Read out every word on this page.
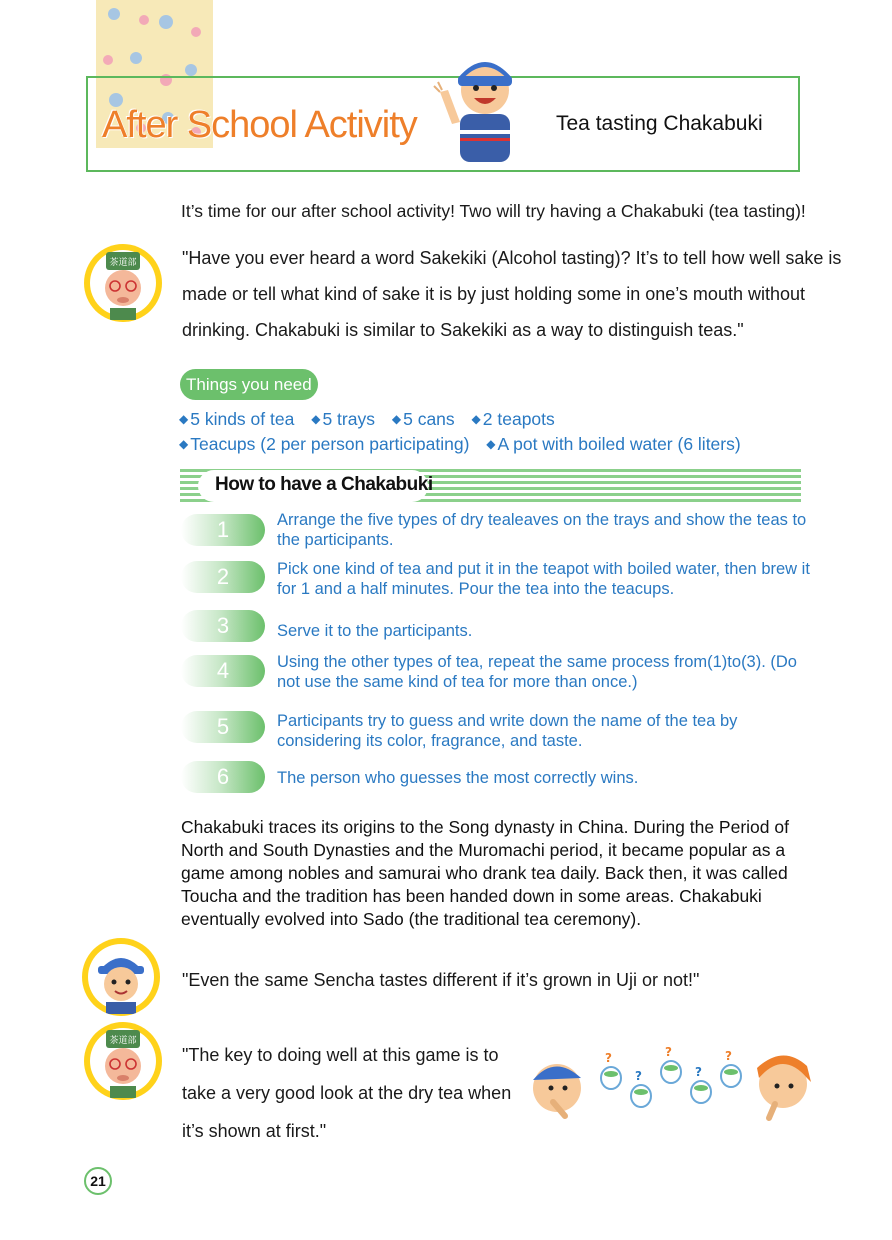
After School Activity	Tea tasting Chakabuki
It’s time for our after school activity! Two will try having a Chakabuki (tea tasting)!
茶道部	"Have you ever heard a word Sakekiki (Alcohol tasting)? It’s to tell how well sake is made or tell what kind of sake it is by just holding some in one’s mouth without drinking. Chakabuki is similar to Sakekiki as a way to distinguish teas."
Things you need
◆ 5 kinds of tea ◆ 5 trays ◆ 5 cans ◆ 2 teapots
◆ Teacups (2 per person participating) ◆ A pot with boiled water (6 liters)
How to have a Chakabuki
1	Arrange the five types of dry tealeaves on the trays and show the teas to the participants.
2	Pick one kind of tea and put it in the teapot with boiled water, then brew it for 1 and a half minutes. Pour the tea into the teacups.
3	Serve it to the participants.
4	Using the other types of tea, repeat the same process from(1)to(3). (Do not use the same kind of tea for more than once.)
5	Participants try to guess and write down the name of the tea by considering its color, fragrance, and taste.
6	The person who guesses the most correctly wins.
Chakabuki traces its origins to the Song dynasty in China. During the Period of North and South Dynasties and the Muromachi period, it became popular as a game among nobles and samurai who drank tea daily. Back then, it was called Toucha and the tradition has been handed down in some areas. Chakabuki eventually evolved into Sado (the traditional tea ceremony).
"Even the same Sencha tastes different if it’s grown in Uji or not!"
茶道部
"The key to doing well at this game is to take a very good look at the dry tea when it’s shown at first."
?
?
?
?
?
21
